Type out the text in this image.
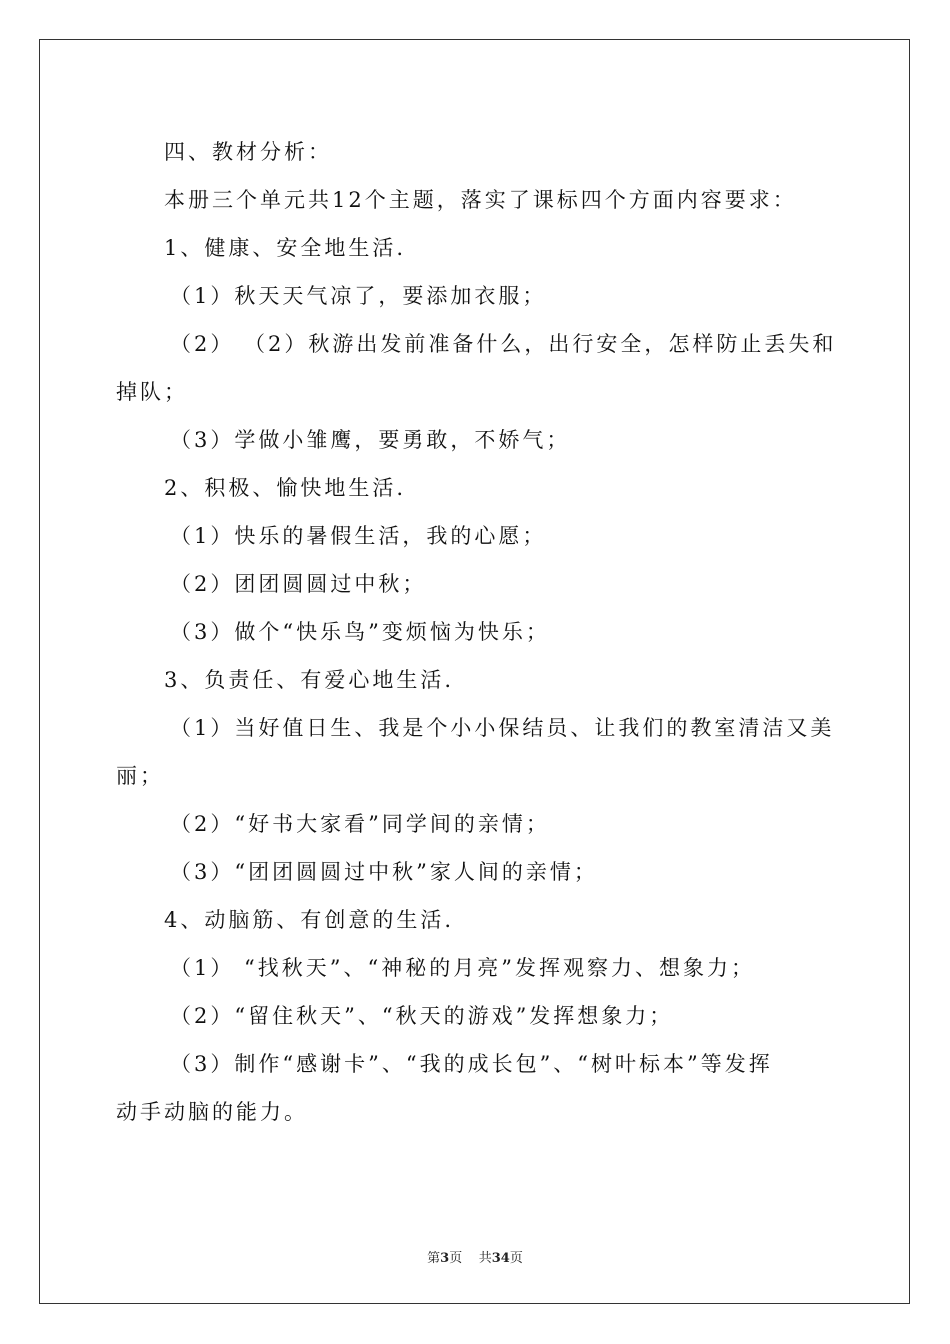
四、教材分析：
本册三个单元共12个主题，落实了课标四个方面内容要求：
1、健康、安全地生活.
（1）秋天天气凉了，要添加衣服；
（2） （2）秋游出发前准备什么，出行安全，怎样防止丢失和
掉队；
（3）学做小雏鹰，要勇敢，不娇气；
2、积极、愉快地生活.
（1）快乐的暑假生活，我的心愿；
（2）团团圆圆过中秋；
（3）做个“快乐鸟”变烦恼为快乐；
3、负责任、有爱心地生活.
（1）当好值日生、我是个小小保结员、让我们的教室清洁又美
丽；
（2）“好书大家看”同学间的亲情；
（3）“团团圆圆过中秋”家人间的亲情；
4、动脑筋、有创意的生活.
（1） “找秋天”、“神秘的月亮”发挥观察力、想象力；
（2）“留住秋天”、“秋天的游戏”发挥想象力；
（3）制作“感谢卡”、“我的成长包”、“树叶标本”等发挥
动手动脑的能力。
第3页 共34页
